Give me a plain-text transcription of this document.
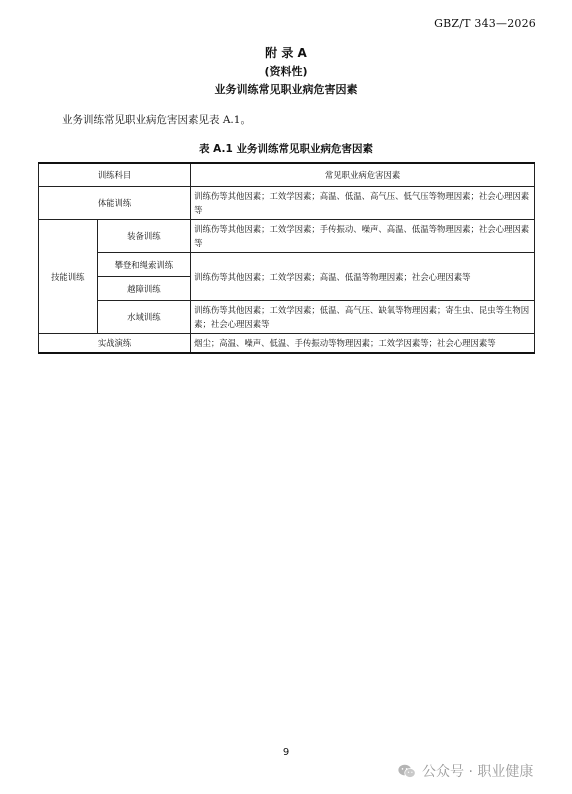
GBZ/T 343—2026
附 录 A
(资料性)
业务训练常见职业病危害因素
业务训练常见职业病危害因素见表 A.1。
表 A.1 业务训练常见职业病危害因素
训练科目		常见职业病危害因素
体能训练		训练伤等其他因素；工效学因素；高温、低温、高气压、低气压等物理因素；社会心理因素等
技能训练	装备训练	训练伤等其他因素；工效学因素；手传振动、噪声、高温、低温等物理因素；社会心理因素等
	攀登和绳索训练	训练伤等其他因素；工效学因素；高温、低温等物理因素；社会心理因素等
	越障训练	
	水域训练	训练伤等其他因素；工效学因素；低温、高气压、缺氧等物理因素；寄生虫、昆虫等生物因素；社会心理因素等
实战演练		烟尘；高温、噪声、低温、手传振动等物理因素；工效学因素等；社会心理因素等
9
公众号 · 职业健康
